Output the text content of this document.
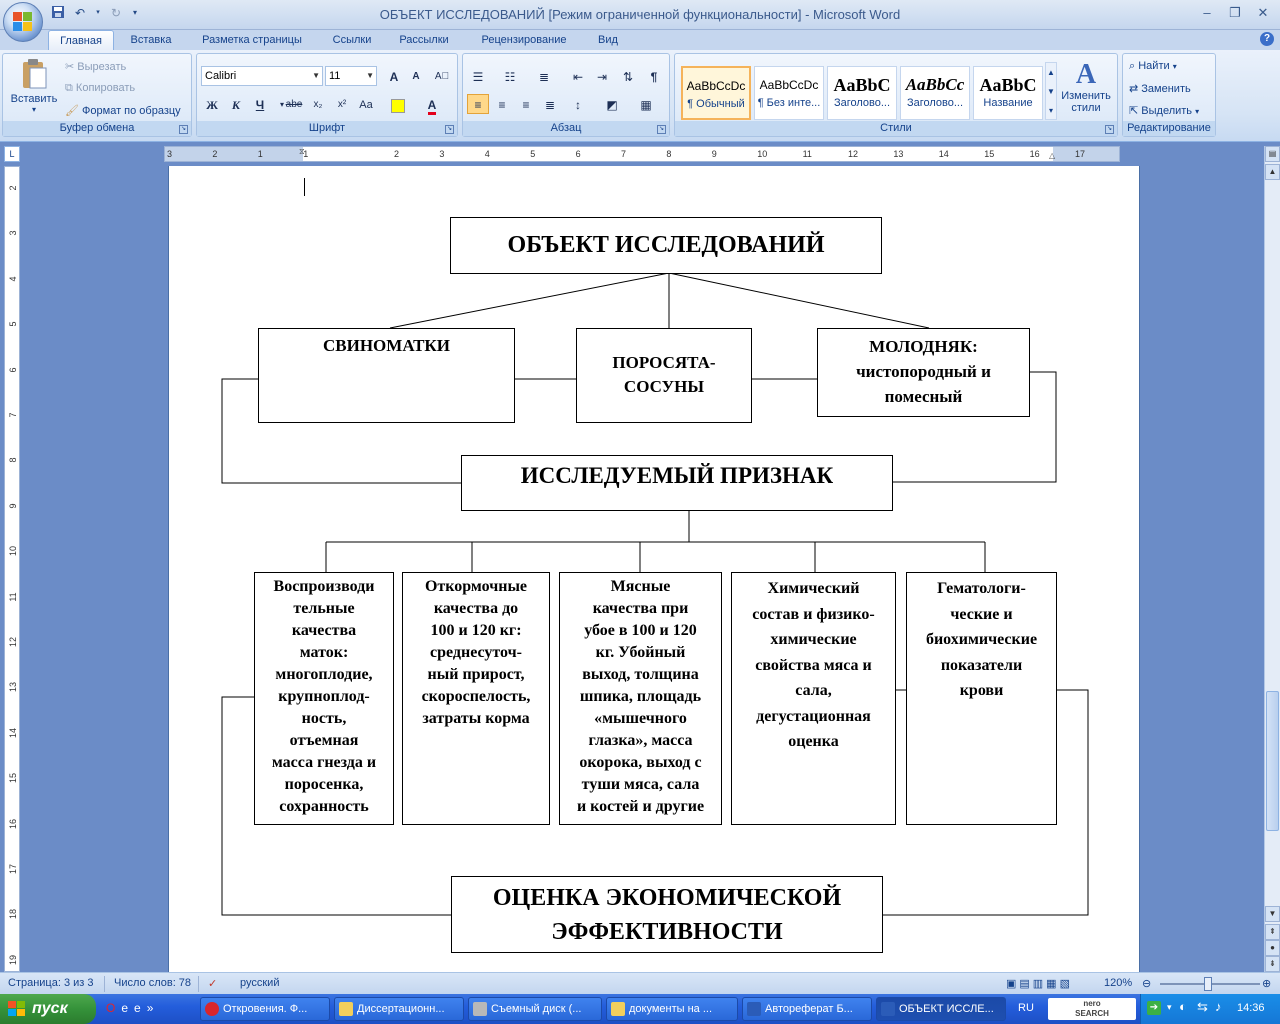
↶	▾ ↻	▾	ОБЪЕКТ ИССЛЕДОВАНИЙ [Режим ограниченной функциональности] - Microsoft Word	‒	❐	✕
Главная	Вставка	Разметка страницы	Ссылки	Рассылки	Рецензирование	Вид	?
Вставить
▾
✂ Вырезать
⧉ Копировать
🖌 Формат по образцу
Буфер обмена	↘
Calibri	▼ 11	▼	A	A	A⃠
Ж	К	Ч	▾ abe	x₂	x²	Aa	A
Шрифт	↘
☰	☷	≣	⇤	⇥	⇅	¶
≡	≡	≡	≣	↕	◩	▦
Абзац	↘
AaBbCcDc
¶ Обычный
AaBbCcDc
¶ Без инте...
AaBbC
Заголово...
AaBbCc
Заголово...
AaBbC
Название
▲
▼
▾
A
Изменить стили
Стили	↘
⌕ Найти ▾
⇄ Заменить
⇱ Выделить ▾
Редактирование
L	3	2	1	1	2	3	4	5	6	7	8	9	10	11	12	13	14	15	16	17
⧖	△
2
3
4
5
6
7
8
9
10
11
12
13
14
15
16
17
18
19
ОБЪЕКТ ИССЛЕДОВАНИЙ
СВИНОМАТКИ
ПОРОСЯТА-
СОСУНЫ
МОЛОДНЯК:
чистопородный и
помесный
ИССЛЕДУЕМЫЙ ПРИЗНАК
Воспроизводи
тельные
качества
маток:
многоплодие,
крупноплод-
ность,
отъемная
масса гнезда и
поросенка,
сохранность
Откормочные
качества до
100 и 120 кг:
среднесуточ-
ный прирост,
скороспелость,
затраты корма
Мясные
качества при
убое в 100 и 120
кг. Убойный
выход, толщина
шпика, площадь
«мышечного
глазка», масса
окорока, выход с
туши мяса, сала
и костей и другие
Химический
состав и физико-
химические
свойства мяса и
сала,
дегустационная
оценка
Гематологи-
ческие и
биохимические
показатели
крови
ОЦЕНКА ЭКОНОМИЧЕСКОЙ
ЭФФЕКТИВНОСТИ
▤
▲
▼
⇞
●
⇟
Страница: 3 из 3 Число слов: 78 ✓ русский	▣▤▥▦▧	120% ⊖	⊕
пуск	Oee»	Откровения. Ф...	Диссертационн...	Съемный диск (...	документы на ...	Автореферат Б...	ОБЪЕКТ ИССЛЕ...	RU	nero
SEARCH
➔ ▾ ◐ ⇆ ♪ 14:36
